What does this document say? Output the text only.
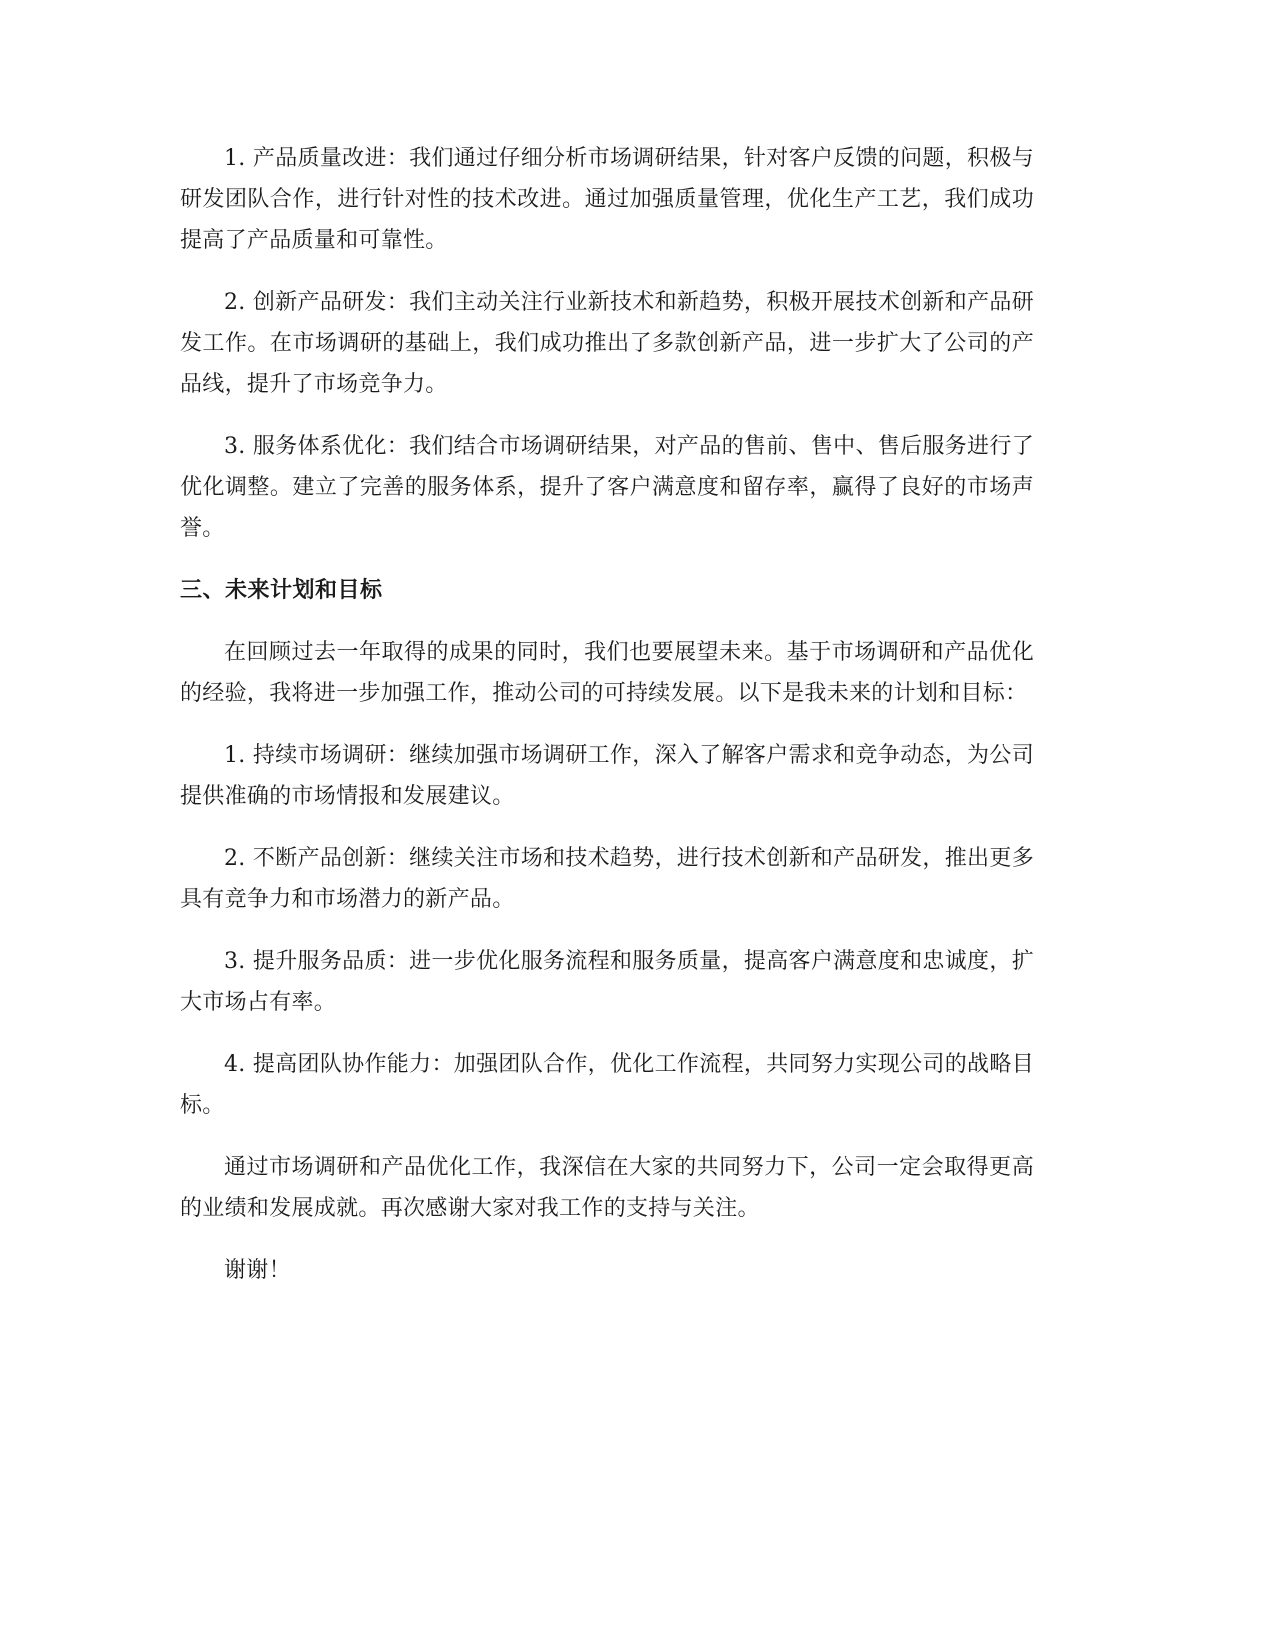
1. 产品质量改进：我们通过仔细分析市场调研结果，针对客户反馈的问题，积极与研发团队合作，进行针对性的技术改进。通过加强质量管理，优化生产工艺，我们成功提高了产品质量和可靠性。

2. 创新产品研发：我们主动关注行业新技术和新趋势，积极开展技术创新和产品研发工作。在市场调研的基础上，我们成功推出了多款创新产品，进一步扩大了公司的产品线，提升了市场竞争力。

3. 服务体系优化：我们结合市场调研结果，对产品的售前、售中、售后服务进行了优化调整。建立了完善的服务体系，提升了客户满意度和留存率，赢得了良好的市场声誉。

三、未来计划和目标

在回顾过去一年取得的成果的同时，我们也要展望未来。基于市场调研和产品优化的经验，我将进一步加强工作，推动公司的可持续发展。以下是我未来的计划和目标：

1. 持续市场调研：继续加强市场调研工作，深入了解客户需求和竞争动态，为公司提供准确的市场情报和发展建议。

2. 不断产品创新：继续关注市场和技术趋势，进行技术创新和产品研发，推出更多具有竞争力和市场潜力的新产品。

3. 提升服务品质：进一步优化服务流程和服务质量，提高客户满意度和忠诚度，扩大市场占有率。

4. 提高团队协作能力：加强团队合作，优化工作流程，共同努力实现公司的战略目标。

通过市场调研和产品优化工作，我深信在大家的共同努力下，公司一定会取得更高的业绩和发展成就。再次感谢大家对我工作的支持与关注。

谢谢！
